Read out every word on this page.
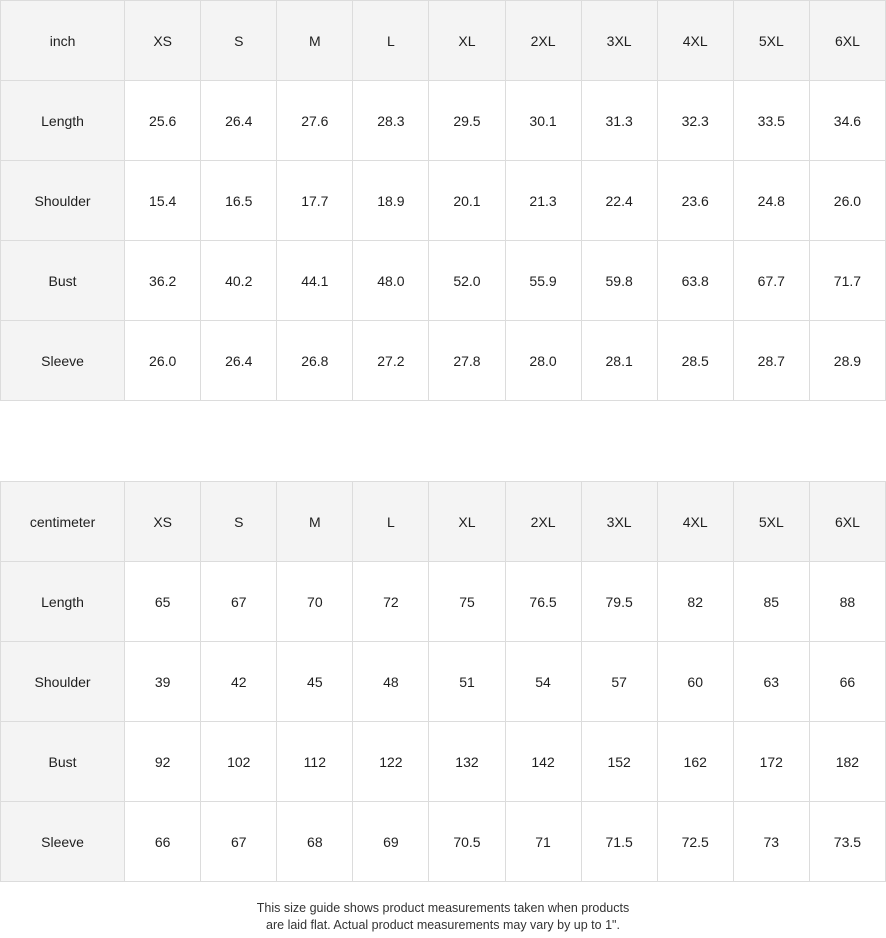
inch	XS	S	M	L	XL	2XL	3XL	4XL	5XL	6XL
Length	25.6	26.4	27.6	28.3	29.5	30.1	31.3	32.3	33.5	34.6
Shoulder	15.4	16.5	17.7	18.9	20.1	21.3	22.4	23.6	24.8	26.0
Bust	36.2	40.2	44.1	48.0	52.0	55.9	59.8	63.8	67.7	71.7
Sleeve	26.0	26.4	26.8	27.2	27.8	28.0	28.1	28.5	28.7	28.9
centimeter	XS	S	M	L	XL	2XL	3XL	4XL	5XL	6XL
Length	65	67	70	72	75	76.5	79.5	82	85	88
Shoulder	39	42	45	48	51	54	57	60	63	66
Bust	92	102	112	122	132	142	152	162	172	182
Sleeve	66	67	68	69	70.5	71	71.5	72.5	73	73.5
This size guide shows product measurements taken when products
are laid flat. Actual product measurements may vary by up to 1".
